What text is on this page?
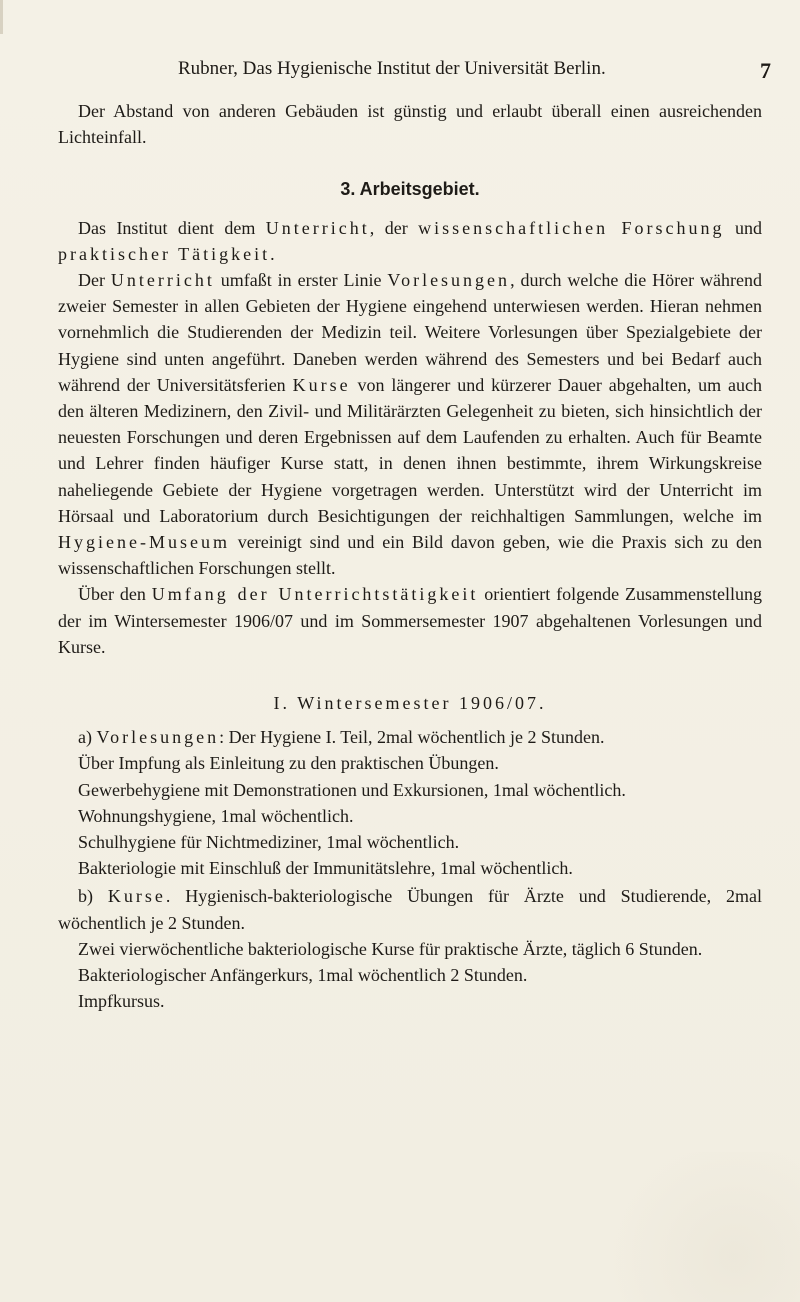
Rubner, Das Hygienische Institut der Universität Berlin.	7

Der Abstand von anderen Gebäuden ist günstig und erlaubt überall einen ausreichenden Lichteinfall.

3. Arbeitsgebiet.

Das Institut dient dem Unterricht, der wissenschaftlichen Forschung und praktischer Tätigkeit.

Der Unterricht umfaßt in erster Linie Vorlesungen, durch welche die Hörer während zweier Semester in allen Gebieten der Hygiene eingehend unterwiesen werden. Hieran nehmen vornehmlich die Studierenden der Medizin teil. Weitere Vorlesungen über Spezialgebiete der Hygiene sind unten angeführt. Daneben werden während des Semesters und bei Bedarf auch während der Universitätsferien Kurse von längerer und kürzerer Dauer abgehalten, um auch den älteren Medizinern, den Zivil- und Militärärzten Gelegenheit zu bieten, sich hinsichtlich der neuesten Forschungen und deren Ergebnissen auf dem Laufenden zu erhalten. Auch für Beamte und Lehrer finden häufiger Kurse statt, in denen ihnen bestimmte, ihrem Wirkungskreise naheliegende Gebiete der Hygiene vorgetragen werden. Unterstützt wird der Unterricht im Hörsaal und Laboratorium durch Besichtigungen der reichhaltigen Sammlungen, welche im Hygiene-Museum vereinigt sind und ein Bild davon geben, wie die Praxis sich zu den wissenschaftlichen Forschungen stellt.

Über den Umfang der Unterrichtstätigkeit orientiert folgende Zusammenstellung der im Wintersemester 1906/07 und im Sommersemester 1907 abgehaltenen Vorlesungen und Kurse.

I. Wintersemester 1906/07.

a) Vorlesungen: Der Hygiene I. Teil, 2mal wöchentlich je 2 Stunden.

Über Impfung als Einleitung zu den praktischen Übungen.

Gewerbehygiene mit Demonstrationen und Exkursionen, 1mal wöchentlich.

Wohnungshygiene, 1mal wöchentlich.

Schulhygiene für Nichtmediziner, 1mal wöchentlich.

Bakteriologie mit Einschluß der Immunitätslehre, 1mal wöchentlich.

b) Kurse. Hygienisch-bakteriologische Übungen für Ärzte und Studierende, 2mal wöchentlich je 2 Stunden.

Zwei vierwöchentliche bakteriologische Kurse für praktische Ärzte, täglich 6 Stunden.

Bakteriologischer Anfängerkurs, 1mal wöchentlich 2 Stunden.

Impfkursus.
